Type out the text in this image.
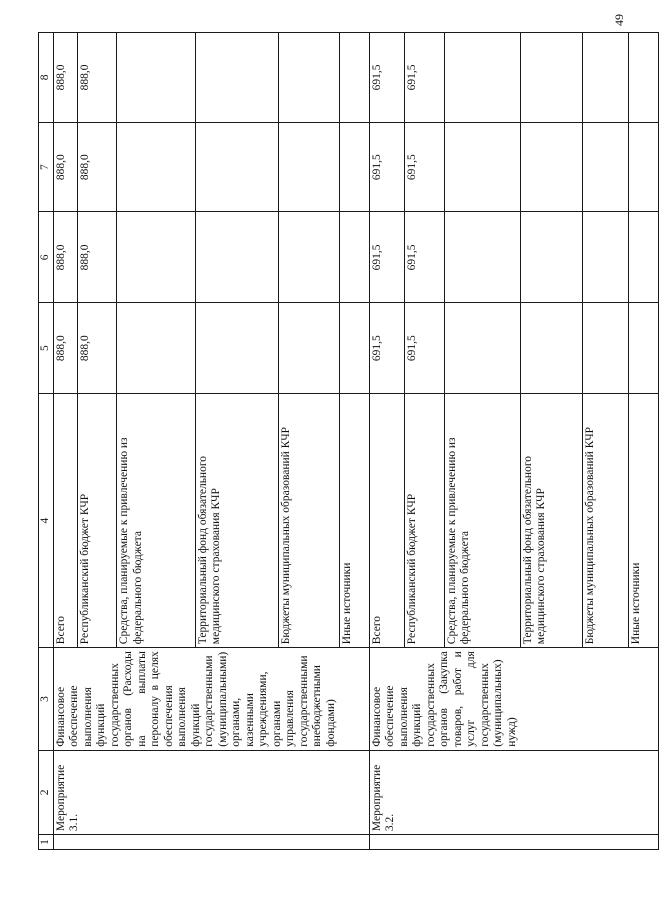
49
1	2	3	4	5	6	7	8
	Мероприятие 3.1.	Финансовое обеспечение выполнения функций государственных органов (Расходы на выплаты персоналу в целях обеспечения выполнения функций государственными (муниципальными) органами, казенными учреждениями, органами управления государственными внебюджетными фондами)	Всего	888,0	888,0	888,0	888,0
			Республиканский бюджет КЧР	888,0	888,0	888,0	888,0
			Средства, планируемые к привлечению из федерального бюджета				
			Территориальный фонд обязательного медицинского страхования КЧР				
			Бюджеты муниципальных образований КЧР				
			Иные источники				
	Мероприятие 3.2.	Финансовое обеспечение выполнения функций государственных органов (Закупка товаров, работ и услуг для государственных (муниципальных) нужд)	Всего	691,5	691,5	691,5	691,5
			Республиканский бюджет КЧР	691,5	691,5	691,5	691,5
			Средства, планируемые к привлечению из федерального бюджета				
			Территориальный фонд обязательного медицинского страхования КЧР				
			Бюджеты муниципальных образований КЧР				
			Иные источники				
